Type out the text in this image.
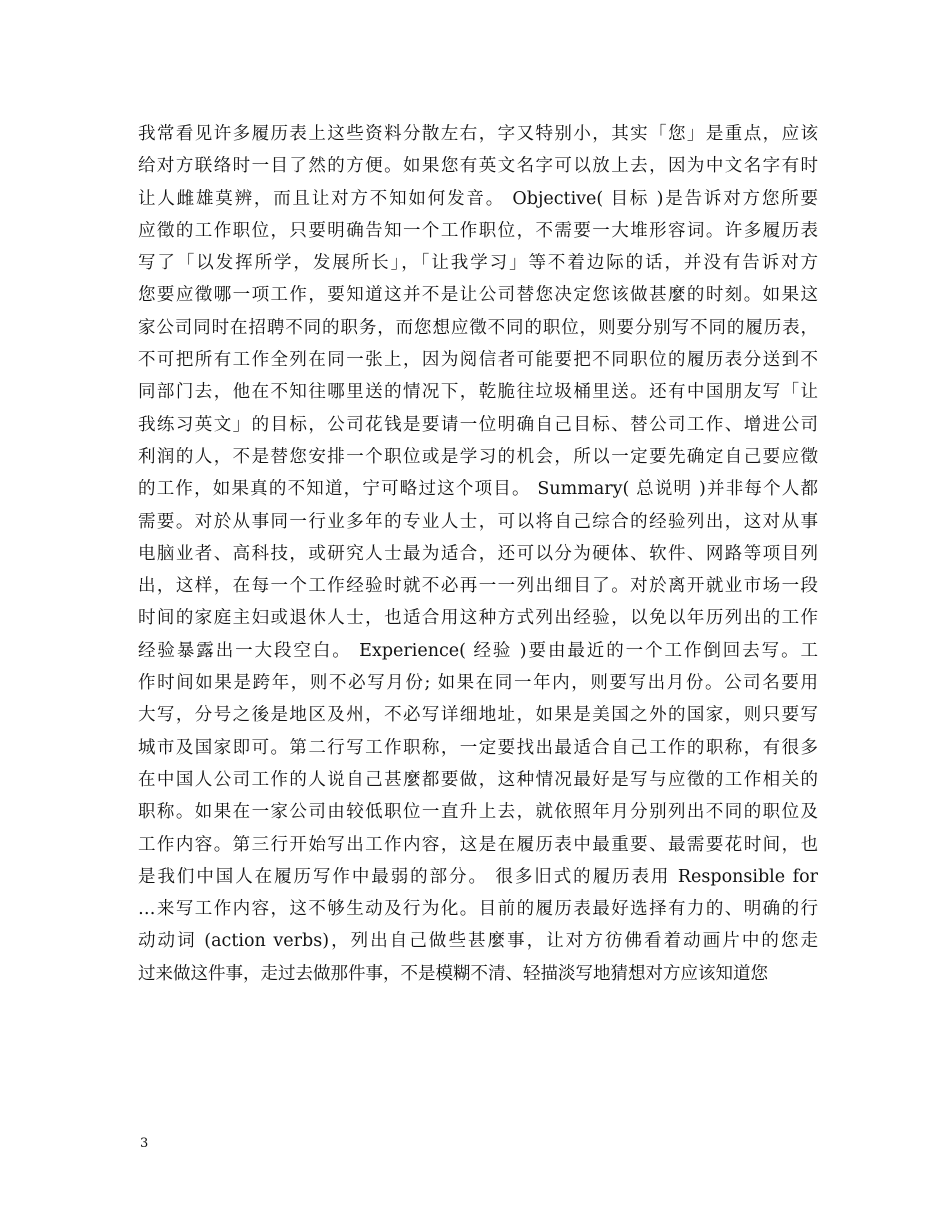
我常看见许多履历表上这些资料分散左右，字又特别小，其实「您」是重点，应该
给对方联络时一目了然的方便。如果您有英文名字可以放上去，因为中文名字有时
让人雌雄莫辨，而且让对方不知如何发音。 Objective( 目标 )是告诉对方您所要
应徵的工作职位，只要明确告知一个工作职位，不需要一大堆形容词。许多履历表
写了「以发挥所学，发展所长」，「让我学习」等不着边际的话，并没有告诉对方
您要应徵哪一项工作，要知道这并不是让公司替您决定您该做甚麼的时刻。如果这
家公司同时在招聘不同的职务，而您想应徵不同的职位，则要分别写不同的履历表，
不可把所有工作全列在同一张上，因为阅信者可能要把不同职位的履历表分送到不
同部门去，他在不知往哪里送的情况下，乾脆往垃圾桶里送。还有中国朋友写「让
我练习英文」的目标，公司花钱是要请一位明确自己目标、替公司工作、增进公司
利润的人，不是替您安排一个职位或是学习的机会，所以一定要先确定自己要应徵
的工作，如果真的不知道，宁可略过这个项目。 Summary( 总说明 )并非每个人都
需要。对於从事同一行业多年的专业人士，可以将自己综合的经验列出，这对从事
电脑业者、高科技，或研究人士最为适合，还可以分为硬体、软件、网路等项目列
出，这样，在每一个工作经验时就不必再一一列出细目了。对於离开就业市场一段
时间的家庭主妇或退休人士，也适合用这种方式列出经验，以免以年历列出的工作
经验暴露出一大段空白。 Experience( 经验 )要由最近的一个工作倒回去写。工
作时间如果是跨年，则不必写月份; 如果在同一年内，则要写出月份。公司名要用
大写，分号之後是地区及州，不必写详细地址，如果是美国之外的国家，则只要写
城市及国家即可。第二行写工作职称，一定要找出最适合自己工作的职称，有很多
在中国人公司工作的人说自己甚麼都要做，这种情况最好是写与应徵的工作相关的
职称。如果在一家公司由较低职位一直升上去，就依照年月分别列出不同的职位及
工作内容。第三行开始写出工作内容，这是在履历表中最重要、最需要花时间，也
是我们中国人在履历写作中最弱的部分。 很多旧式的履历表用 Responsible for
…来写工作内容，这不够生动及行为化。目前的履历表最好选择有力的、明确的行
动动词 (action verbs)，列出自己做些甚麼事，让对方彷佛看着动画片中的您走
过来做这件事，走过去做那件事，不是模糊不清、轻描淡写地猜想对方应该知道您
3
